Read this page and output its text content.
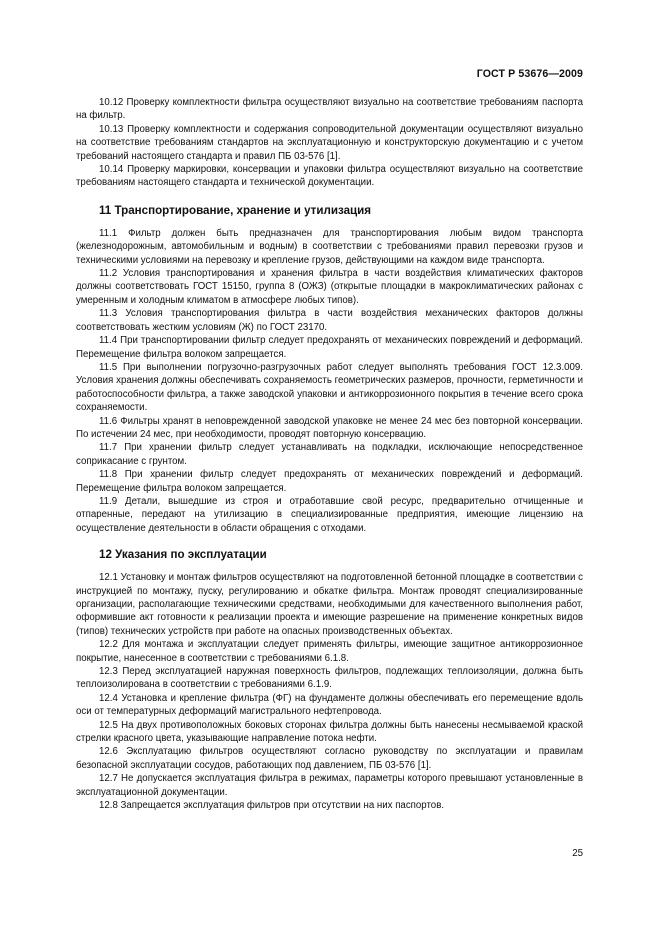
ГОСТ Р 53676—2009

10.12 Проверку комплектности фильтра осуществляют визуально на соответствие требованиям паспорта на фильтр.

10.13 Проверку комплектности и содержания сопроводительной документации осуществляют визуально на соответствие требованиям стандартов на эксплуатационную и конструкторскую документацию и с учетом требований настоящего стандарта и правил ПБ 03-576 [1].

10.14 Проверку маркировки, консервации и упаковки фильтра осуществляют визуально на соответствие требованиям настоящего стандарта и технической документации.

11 Транспортирование, хранение и утилизация

11.1 Фильтр должен быть предназначен для транспортирования любым видом транспорта (железнодорожным, автомобильным и водным) в соответствии с требованиями правил перевозки грузов и техническими условиями на перевозку и крепление грузов, действующими на каждом виде транспорта.

11.2 Условия транспортирования и хранения фильтра в части воздействия климатических факторов должны соответствовать ГОСТ 15150, группа 8 (ОЖЗ) (открытые площадки в макроклиматических районах с умеренным и холодным климатом в атмосфере любых типов).

11.3 Условия транспортирования фильтра в части воздействия механических факторов должны соответствовать жестким условиям (Ж) по ГОСТ 23170.

11.4 При транспортировании фильтр следует предохранять от механических повреждений и деформаций. Перемещение фильтра волоком запрещается.

11.5 При выполнении погрузочно-разгрузочных работ следует выполнять требования ГОСТ 12.3.009. Условия хранения должны обеспечивать сохраняемость геометрических размеров, прочности, герметичности и работоспособности фильтра, а также заводской упаковки и антикоррозионного покрытия в течение всего срока сохраняемости.

11.6 Фильтры хранят в неповрежденной заводской упаковке не менее 24 мес без повторной консервации. По истечении 24 мес, при необходимости, проводят повторную консервацию.

11.7 При хранении фильтр следует устанавливать на подкладки, исключающие непосредственное соприкасание с грунтом.

11.8 При хранении фильтр следует предохранять от механических повреждений и деформаций. Перемещение фильтра волоком запрещается.

11.9 Детали, вышедшие из строя и отработавшие свой ресурс, предварительно отчищенные и отпаренные, передают на утилизацию в специализированные предприятия, имеющие лицензию на осуществление деятельности в области обращения с отходами.

12 Указания по эксплуатации

12.1 Установку и монтаж фильтров осуществляют на подготовленной бетонной площадке в соответствии с инструкцией по монтажу, пуску, регулированию и обкатке фильтра. Монтаж проводят специализированные организации, располагающие техническими средствами, необходимыми для качественного выполнения работ, оформившие акт готовности к реализации проекта и имеющие разрешение на применение конкретных видов (типов) технических устройств при работе на опасных производственных объектах.

12.2 Для монтажа и эксплуатации следует применять фильтры, имеющие защитное антикоррозионное покрытие, нанесенное в соответствии с требованиями 6.1.8.

12.3 Перед эксплуатацией наружная поверхность фильтров, подлежащих теплоизоляции, должна быть теплоизолирована в соответствии с требованиями 6.1.9.

12.4 Установка и крепление фильтра (ФГ) на фундаменте должны обеспечивать его перемещение вдоль оси от температурных деформаций магистрального нефтепровода.

12.5 На двух противоположных боковых сторонах фильтра должны быть нанесены несмываемой краской стрелки красного цвета, указывающие направление потока нефти.

12.6 Эксплуатацию фильтров осуществляют согласно руководству по эксплуатации и правилам безопасной эксплуатации сосудов, работающих под давлением, ПБ 03-576 [1].

12.7 Не допускается эксплуатация фильтра в режимах, параметры которого превышают установленные в эксплуатационной документации.

12.8 Запрещается эксплуатация фильтров при отсутствии на них паспортов.

25
